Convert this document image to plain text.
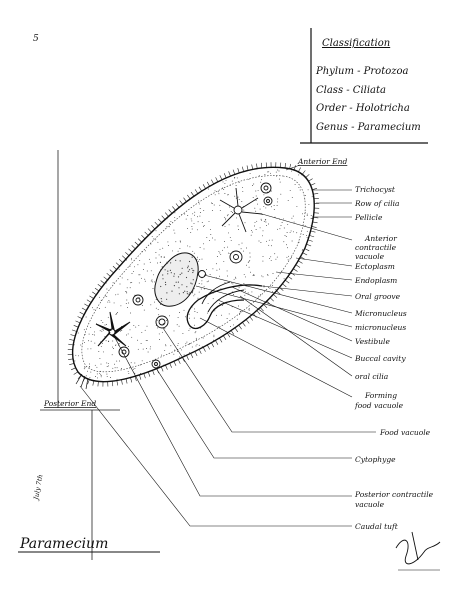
5	Classification
Phylum - Protozoa
Class - Ciliata
Order - Holotricha
Genus - Paramecium
Anterior End
Trichocyst
Row of cilia
Pellicle
Anterior
contractile
vacuole
Ectoplasm
Endoplasm
Oral groove
Micronucleus
micronucleus
Vestibule
Buccal cavity
oral cilia
Forming
food vacuole
Food vacuole
Cytophyge
Posterior contractile
vacuole
Caudal tuft
Posterior End
July 7th
Paramecium
